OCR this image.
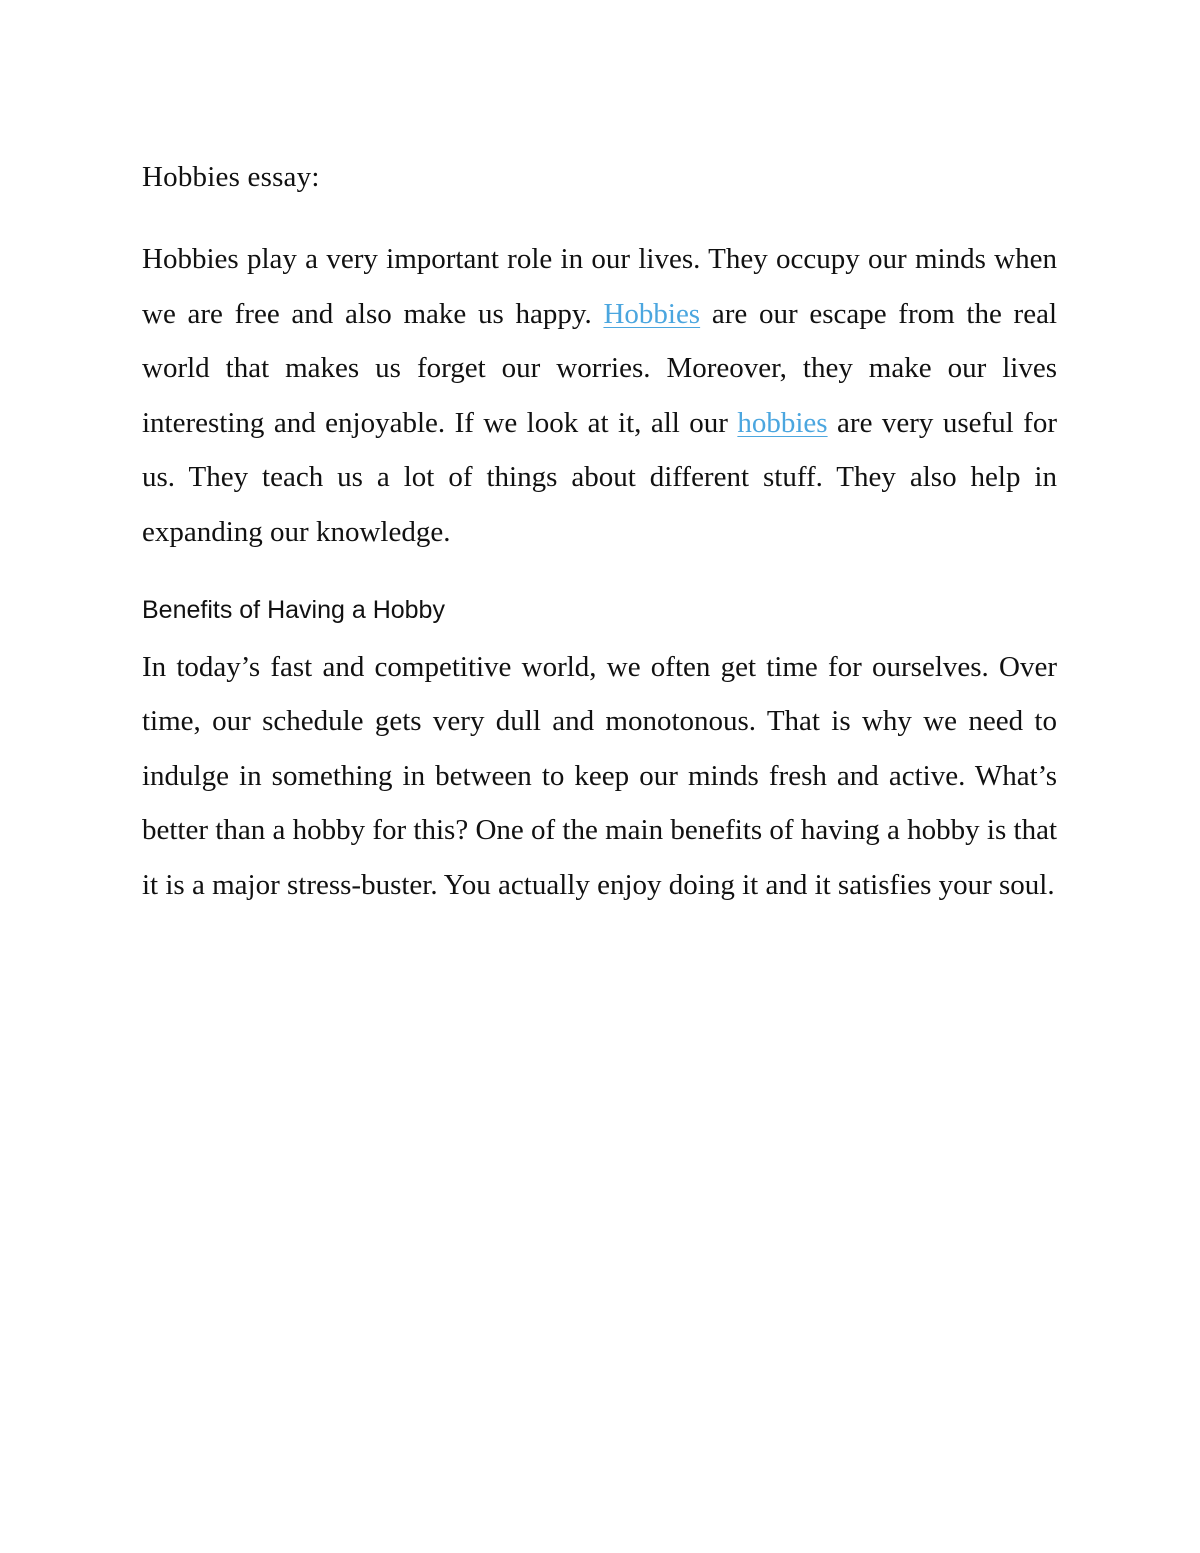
Hobbies essay:

Hobbies play a very important role in our lives. They occupy our minds when we are free and also make us happy. Hobbies are our escape from the real world that makes us forget our worries. Moreover, they make our lives interesting and enjoyable. If we look at it, all our hobbies are very useful for us. They teach us a lot of things about different stuff. They also help in expanding our knowledge.

Benefits of Having a Hobby

In today’s fast and competitive world, we often get time for ourselves. Over time, our schedule gets very dull and monotonous. That is why we need to indulge in something in between to keep our minds fresh and active. What’s better than a hobby for this? One of the main benefits of having a hobby is that it is a major stress-buster. You actually enjoy doing it and it satisfies your soul.
